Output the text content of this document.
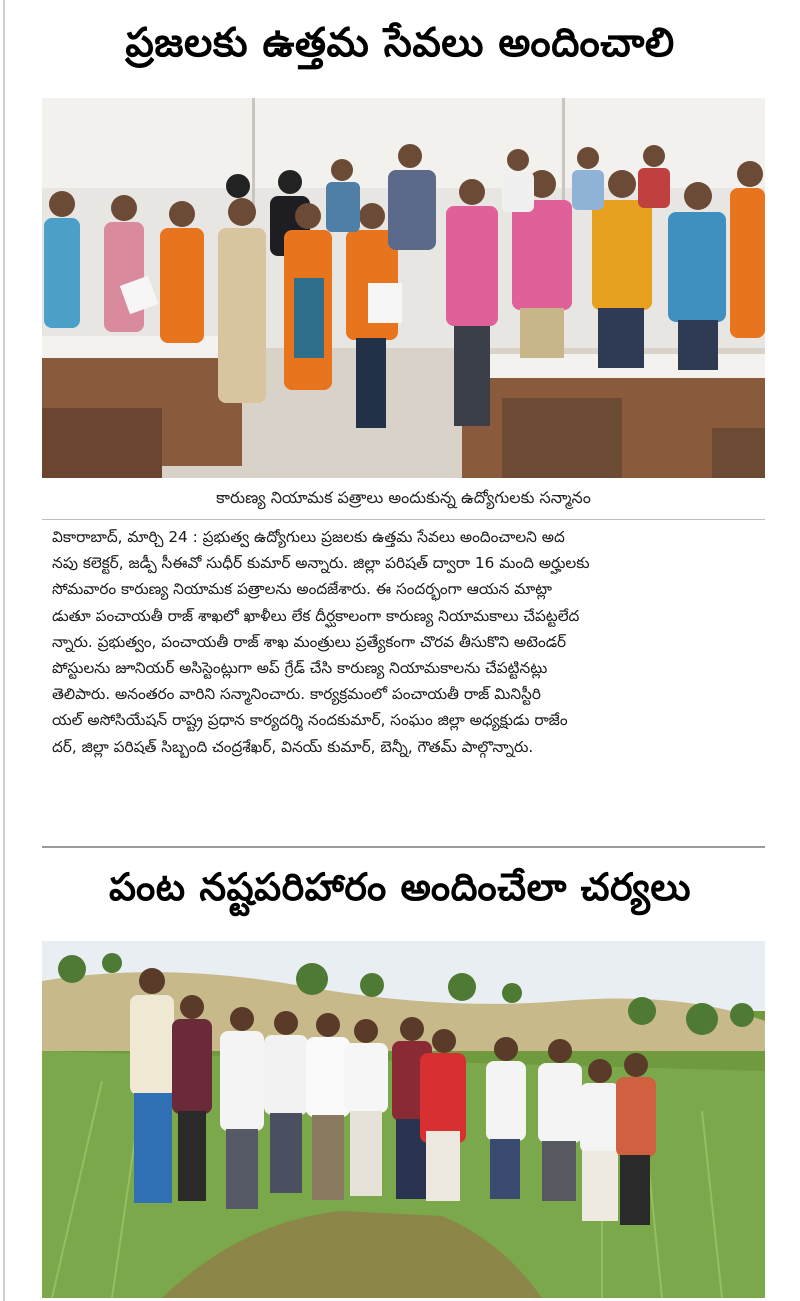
ప్రజలకు ఉత్తమ సేవలు అందించాలి
కారుణ్య నియామక పత్రాలు అందుకున్న ఉద్యోగులకు సన్మానం
వికారాబాద్, మార్చి 24 : ప్రభుత్వ ఉద్యోగులు ప్రజలకు ఉత్తమ సేవలు అందించాలని అద
నపు కలెక్టర్, జడ్పీ సీఈవో సుధీర్ కుమార్ అన్నారు. జిల్లా పరిషత్ ద్వారా 16 మంది అర్హులకు
సోమవారం కారుణ్య నియామక పత్రాలను అందజేశారు. ఈ సందర్భంగా ఆయన మాట్లా
డుతూ పంచాయతీ రాజ్ శాఖలో ఖాళీలు లేక దీర్ఘకాలంగా కారుణ్య నియామకాలు చేపట్టలేద
న్నారు. ప్రభుత్వం, పంచాయతీ రాజ్ శాఖ మంత్రులు ప్రత్యేకంగా చొరవ తీసుకొని అటెండర్
పోస్టులను జూనియర్ అసిస్టెంట్లుగా అప్ గ్రేడ్ చేసి కారుణ్య నియామకాలను చేపట్టినట్లు
తెలిపారు. అనంతరం వారిని సన్మానించారు. కార్యక్రమంలో పంచాయతీ రాజ్ మినిస్టీరి
యల్ అసోసియేషన్ రాష్ట్ర ప్రధాన కార్యదర్శి నందకుమార్, సంఘం జిల్లా అధ్యక్షుడు రాజేం
దర్, జిల్లా పరిషత్ సిబ్బంది చంద్రశేఖర్, వినయ్ కుమార్, బెన్నీ, గౌతమ్ పాల్గొన్నారు.
పంట నష్టపరిహారం అందించేలా చర్యలు
